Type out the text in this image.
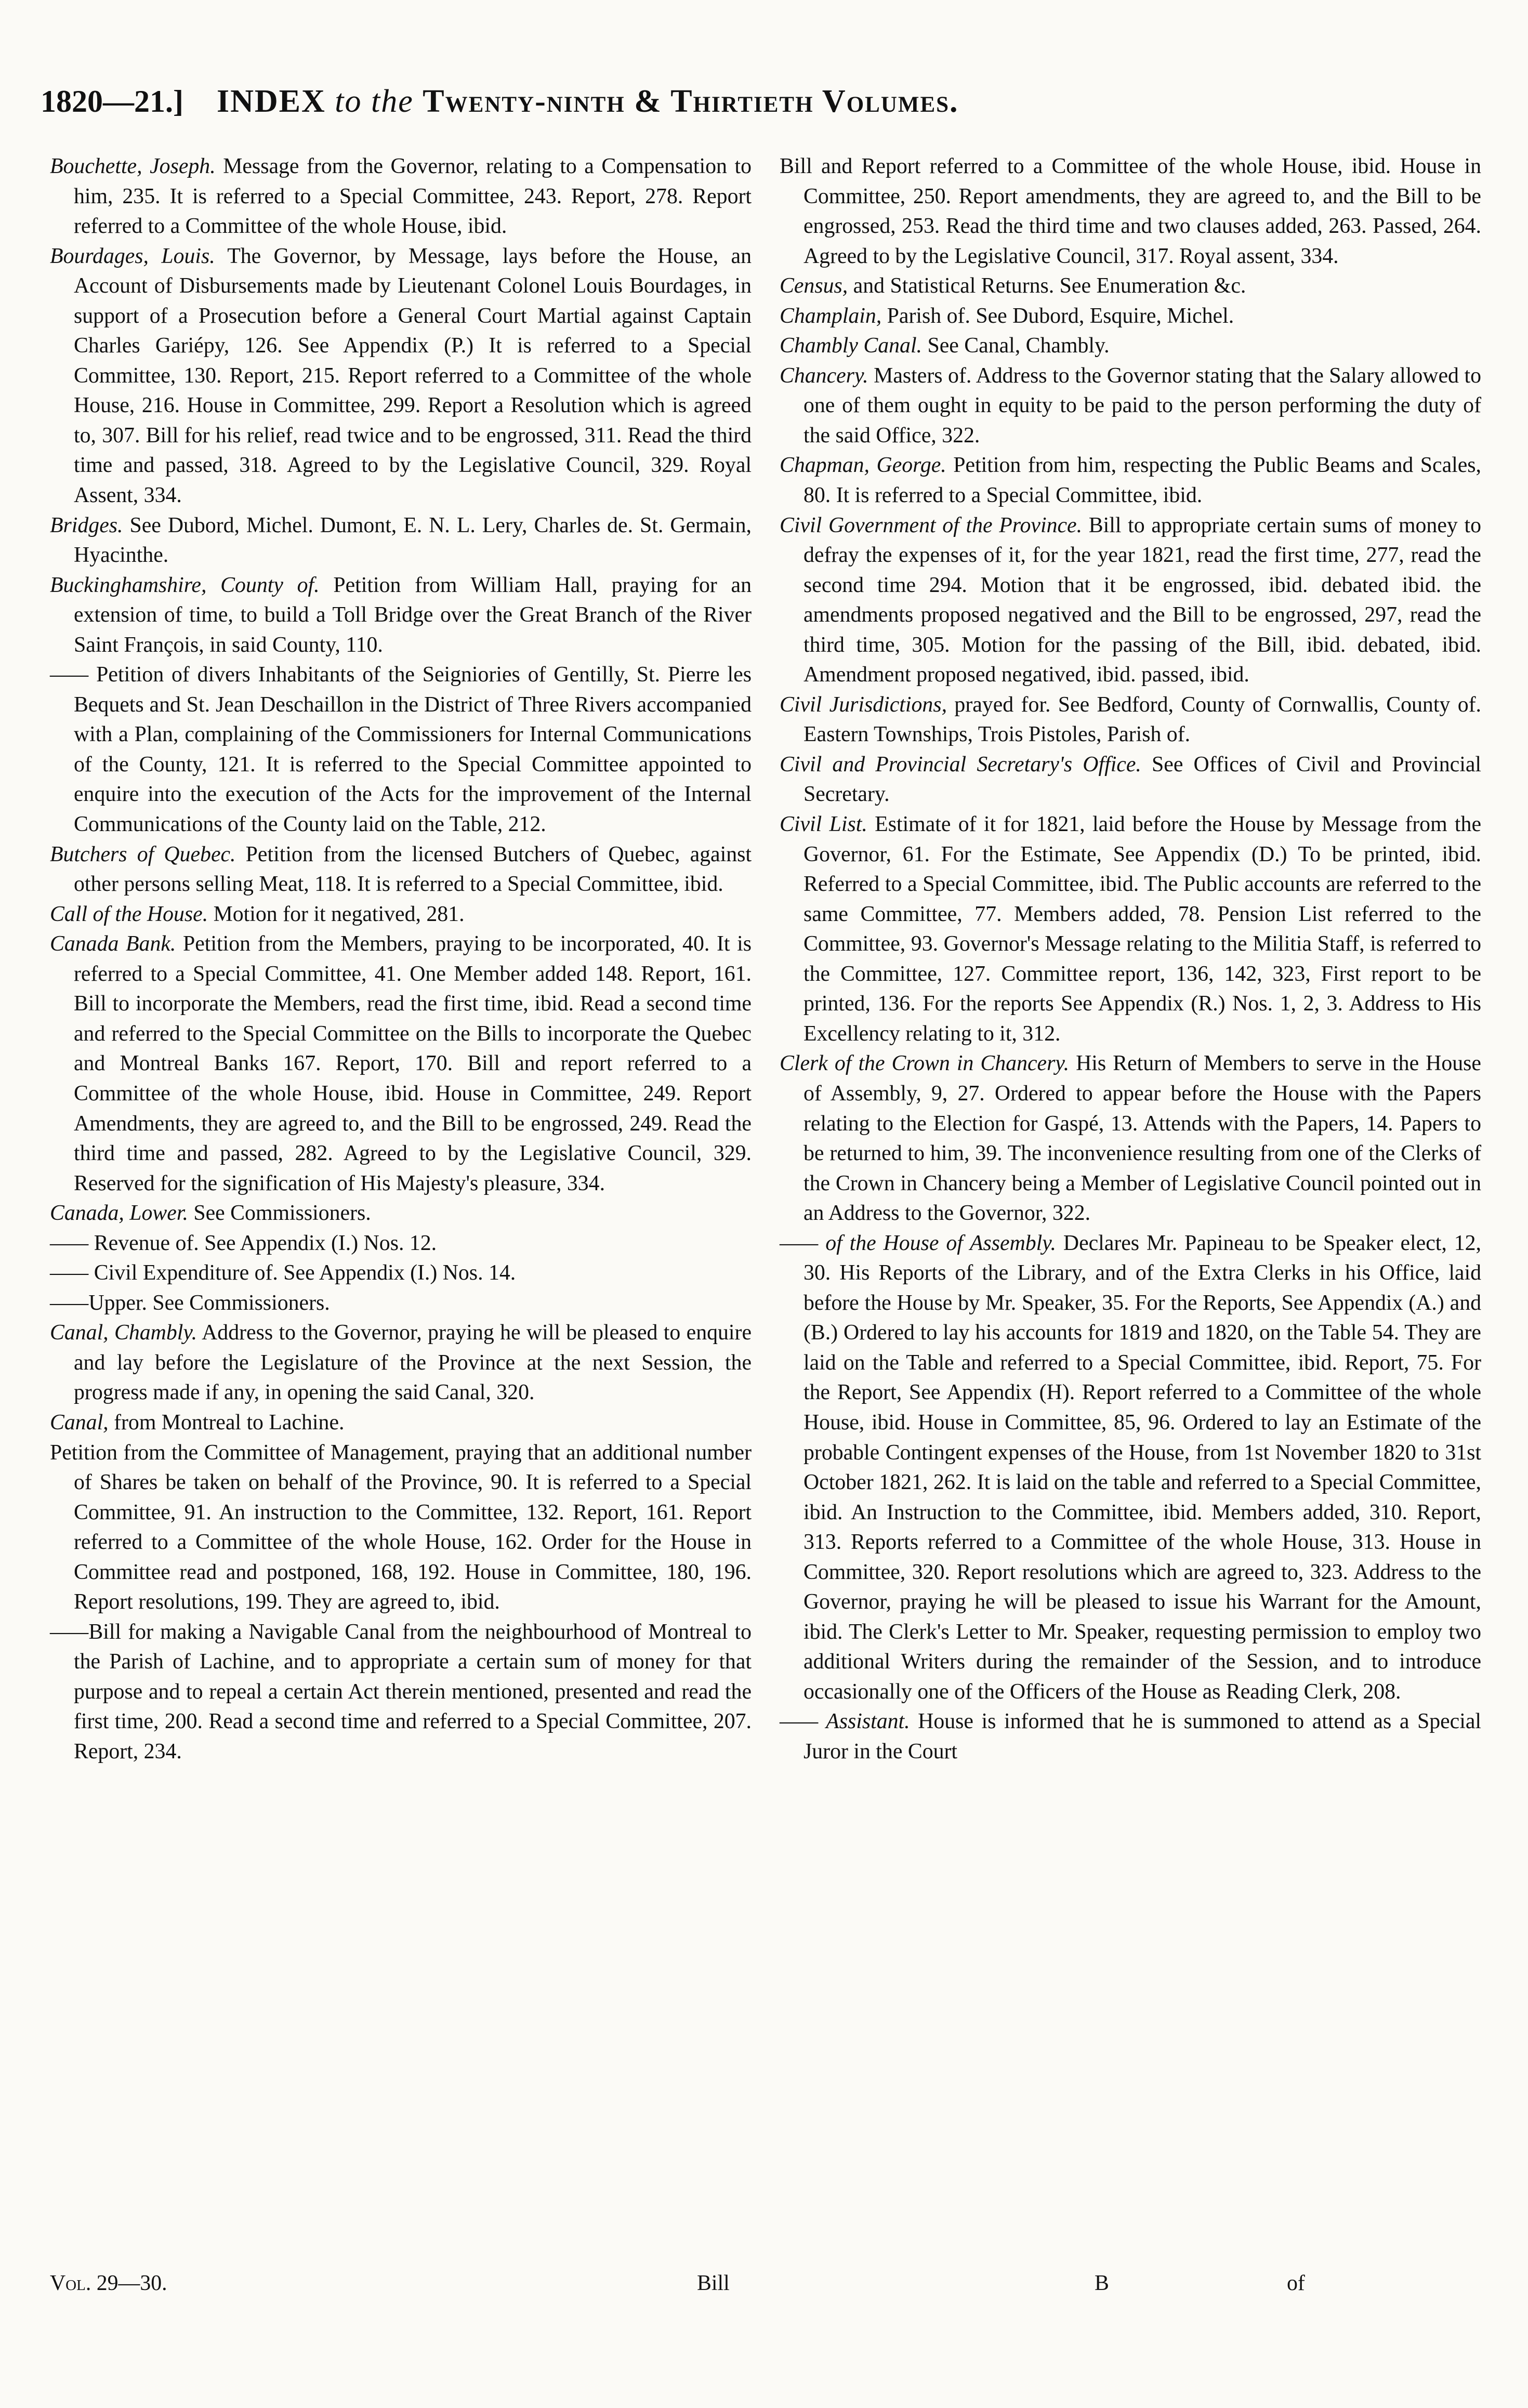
1820—21.] INDEX to the Twenty-ninth & Thirtieth Volumes.

Bouchette, Joseph. Message from the Governor, relating to a Compensation to him, 235. It is referred to a Special Committee, 243. Report, 278. Report referred to a Committee of the whole House, ibid.

Bourdages, Louis. The Governor, by Message, lays before the House, an Account of Disbursements made by Lieutenant Colonel Louis Bourdages, in support of a Prosecution before a General Court Martial against Captain Charles Gariépy, 126. See Appendix (P.) It is referred to a Special Committee, 130. Report, 215. Report referred to a Committee of the whole House, 216. House in Committee, 299. Report a Resolution which is agreed to, 307. Bill for his relief, read twice and to be engrossed, 311. Read the third time and passed, 318. Agreed to by the Legislative Council, 329. Royal Assent, 334.

Bridges. See Dubord, Michel. Dumont, E. N. L. Lery, Charles de. St. Germain, Hyacinthe.

Buckinghamshire, County of. Petition from William Hall, praying for an extension of time, to build a Toll Bridge over the Great Branch of the River Saint François, in said County, 110.

—— Petition of divers Inhabitants of the Seigniories of Gentilly, St. Pierre les Bequets and St. Jean Deschaillon in the District of Three Rivers accompanied with a Plan, complaining of the Commissioners for Internal Communications of the County, 121. It is referred to the Special Committee appointed to enquire into the execution of the Acts for the improvement of the Internal Communications of the County laid on the Table, 212.

Butchers of Quebec. Petition from the licensed Butchers of Quebec, against other persons selling Meat, 118. It is referred to a Special Committee, ibid.

Call of the House. Motion for it negatived, 281.

Canada Bank. Petition from the Members, praying to be incorporated, 40. It is referred to a Special Committee, 41. One Member added 148. Report, 161. Bill to incorporate the Members, read the first time, ibid. Read a second time and referred to the Special Committee on the Bills to incorporate the Quebec and Montreal Banks 167. Report, 170. Bill and report referred to a Committee of the whole House, ibid. House in Committee, 249. Report Amendments, they are agreed to, and the Bill to be engrossed, 249. Read the third time and passed, 282. Agreed to by the Legislative Council, 329. Reserved for the signification of His Majesty's pleasure, 334.

Canada, Lower. See Commissioners.

—— Revenue of. See Appendix (I.) Nos. 12.

—— Civil Expenditure of. See Appendix (I.) Nos. 14.

——Upper. See Commissioners.

Canal, Chambly. Address to the Governor, praying he will be pleased to enquire and lay before the Legislature of the Province at the next Session, the progress made if any, in opening the said Canal, 320.

Canal, from Montreal to Lachine.

Petition from the Committee of Management, praying that an additional number of Shares be taken on behalf of the Province, 90. It is referred to a Special Committee, 91. An instruction to the Committee, 132. Report, 161. Report referred to a Committee of the whole House, 162. Order for the House in Committee read and postponed, 168, 192. House in Committee, 180, 196. Report resolutions, 199. They are agreed to, ibid.

——Bill for making a Navigable Canal from the neighbourhood of Montreal to the Parish of Lachine, and to appropriate a certain sum of money for that purpose and to repeal a certain Act therein mentioned, presented and read the first time, 200. Read a second time and referred to a Special Committee, 207. Report, 234.

Bill and Report referred to a Committee of the whole House, ibid. House in Committee, 250. Report amendments, they are agreed to, and the Bill to be engrossed, 253. Read the third time and two clauses added, 263. Passed, 264. Agreed to by the Legislative Council, 317. Royal assent, 334.

Census, and Statistical Returns. See Enumeration &c.

Champlain, Parish of. See Dubord, Esquire, Michel.

Chambly Canal. See Canal, Chambly.

Chancery. Masters of. Address to the Governor stating that the Salary allowed to one of them ought in equity to be paid to the person performing the duty of the said Office, 322.

Chapman, George. Petition from him, respecting the Public Beams and Scales, 80. It is referred to a Special Committee, ibid.

Civil Government of the Province. Bill to appropriate certain sums of money to defray the expenses of it, for the year 1821, read the first time, 277, read the second time 294. Motion that it be engrossed, ibid. debated ibid. the amendments proposed negatived and the Bill to be engrossed, 297, read the third time, 305. Motion for the passing of the Bill, ibid. debated, ibid. Amendment proposed negatived, ibid. passed, ibid.

Civil Jurisdictions, prayed for. See Bedford, County of Cornwallis, County of. Eastern Townships, Trois Pistoles, Parish of.

Civil and Provincial Secretary's Office. See Offices of Civil and Provincial Secretary.

Civil List. Estimate of it for 1821, laid before the House by Message from the Governor, 61. For the Estimate, See Appendix (D.) To be printed, ibid. Referred to a Special Committee, ibid. The Public accounts are referred to the same Committee, 77. Members added, 78. Pension List referred to the Committee, 93. Governor's Message relating to the Militia Staff, is referred to the Committee, 127. Committee report, 136, 142, 323, First report to be printed, 136. For the reports See Appendix (R.) Nos. 1, 2, 3. Address to His Excellency relating to it, 312.

Clerk of the Crown in Chancery. His Return of Members to serve in the House of Assembly, 9, 27. Ordered to appear before the House with the Papers relating to the Election for Gaspé, 13. Attends with the Papers, 14. Papers to be returned to him, 39. The inconvenience resulting from one of the Clerks of the Crown in Chancery being a Member of Legislative Council pointed out in an Address to the Governor, 322.

—— of the House of Assembly. Declares Mr. Papineau to be Speaker elect, 12, 30. His Reports of the Library, and of the Extra Clerks in his Office, laid before the House by Mr. Speaker, 35. For the Reports, See Appendix (A.) and (B.) Ordered to lay his accounts for 1819 and 1820, on the Table 54. They are laid on the Table and referred to a Special Committee, ibid. Report, 75. For the Report, See Appendix (H). Report referred to a Committee of the whole House, ibid. House in Committee, 85, 96. Ordered to lay an Estimate of the probable Contingent expenses of the House, from 1st November 1820 to 31st October 1821, 262. It is laid on the table and referred to a Special Committee, ibid. An Instruction to the Committee, ibid. Members added, 310. Report, 313. Reports referred to a Committee of the whole House, 313. House in Committee, 320. Report resolutions which are agreed to, 323. Address to the Governor, praying he will be pleased to issue his Warrant for the Amount, ibid. The Clerk's Letter to Mr. Speaker, requesting permission to employ two additional Writers during the remainder of the Session, and to introduce occasionally one of the Officers of the House as Reading Clerk, 208.

—— Assistant. House is informed that he is summoned to attend as a Special Juror in the Court

Vol. 29—30.	Bill	B	of
